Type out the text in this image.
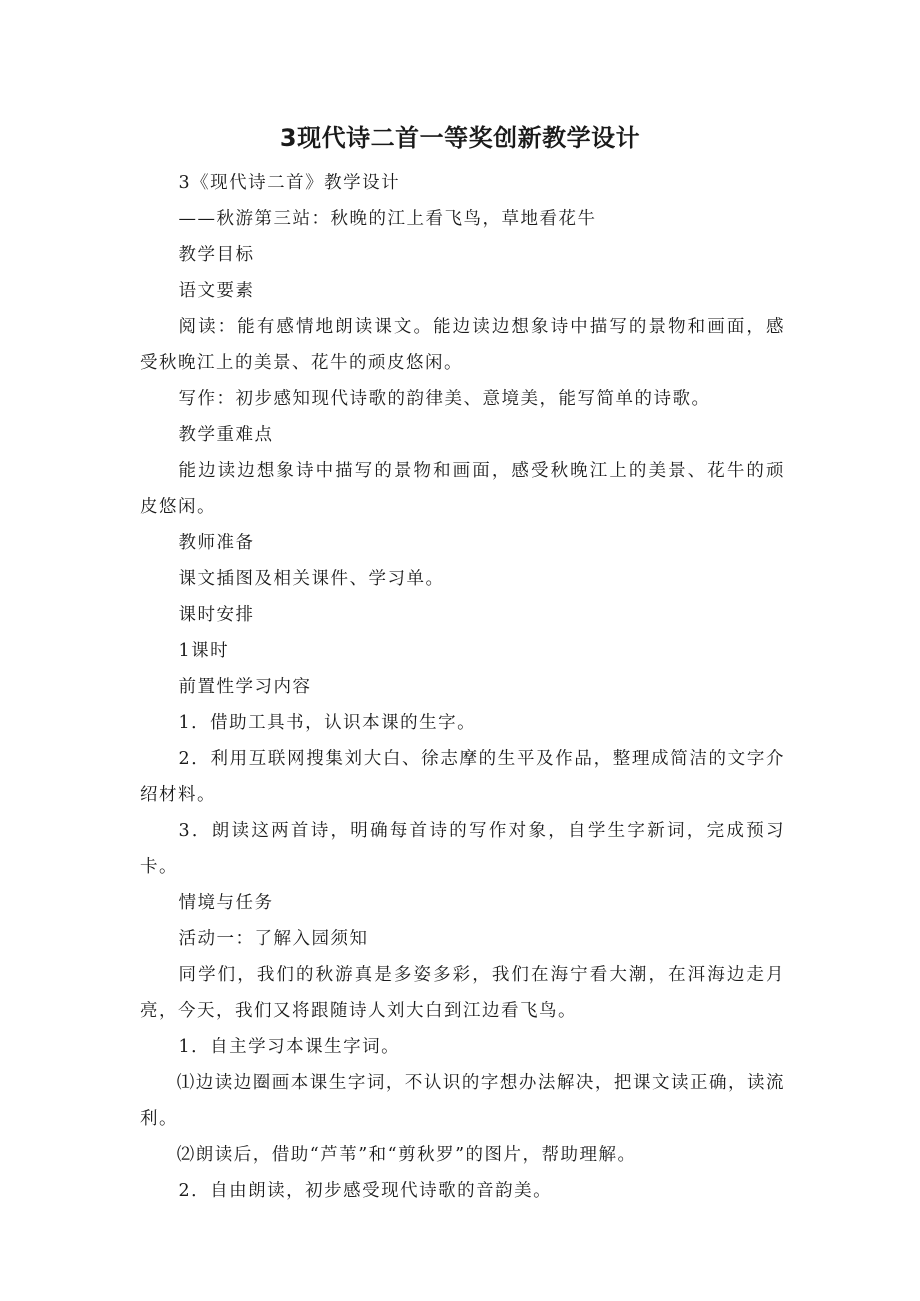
3现代诗二首一等奖创新教学设计

3《现代诗二首》教学设计

——秋游第三站：秋晚的江上看飞鸟，草地看花牛

教学目标

语文要素

阅读：能有感情地朗读课文。能边读边想象诗中描写的景物和画面，感受秋晚江上的美景、花牛的顽皮悠闲。

写作：初步感知现代诗歌的韵律美、意境美，能写简单的诗歌。

教学重难点

能边读边想象诗中描写的景物和画面，感受秋晚江上的美景、花牛的顽皮悠闲。

教师准备

课文插图及相关课件、学习单。

课时安排

1课时

前置性学习内容

1．借助工具书，认识本课的生字。

2．利用互联网搜集刘大白、徐志摩的生平及作品，整理成简洁的文字介绍材料。

3．朗读这两首诗，明确每首诗的写作对象，自学生字新词，完成预习卡。

情境与任务

活动一：了解入园须知

同学们，我们的秋游真是多姿多彩，我们在海宁看大潮，在洱海边走月亮，今天，我们又将跟随诗人刘大白到江边看飞鸟。

1．自主学习本课生字词。

⑴边读边圈画本课生字词，不认识的字想办法解决，把课文读正确，读流利。

⑵朗读后，借助“芦苇”和“剪秋罗”的图片，帮助理解。

2．自由朗读，初步感受现代诗歌的音韵美。
